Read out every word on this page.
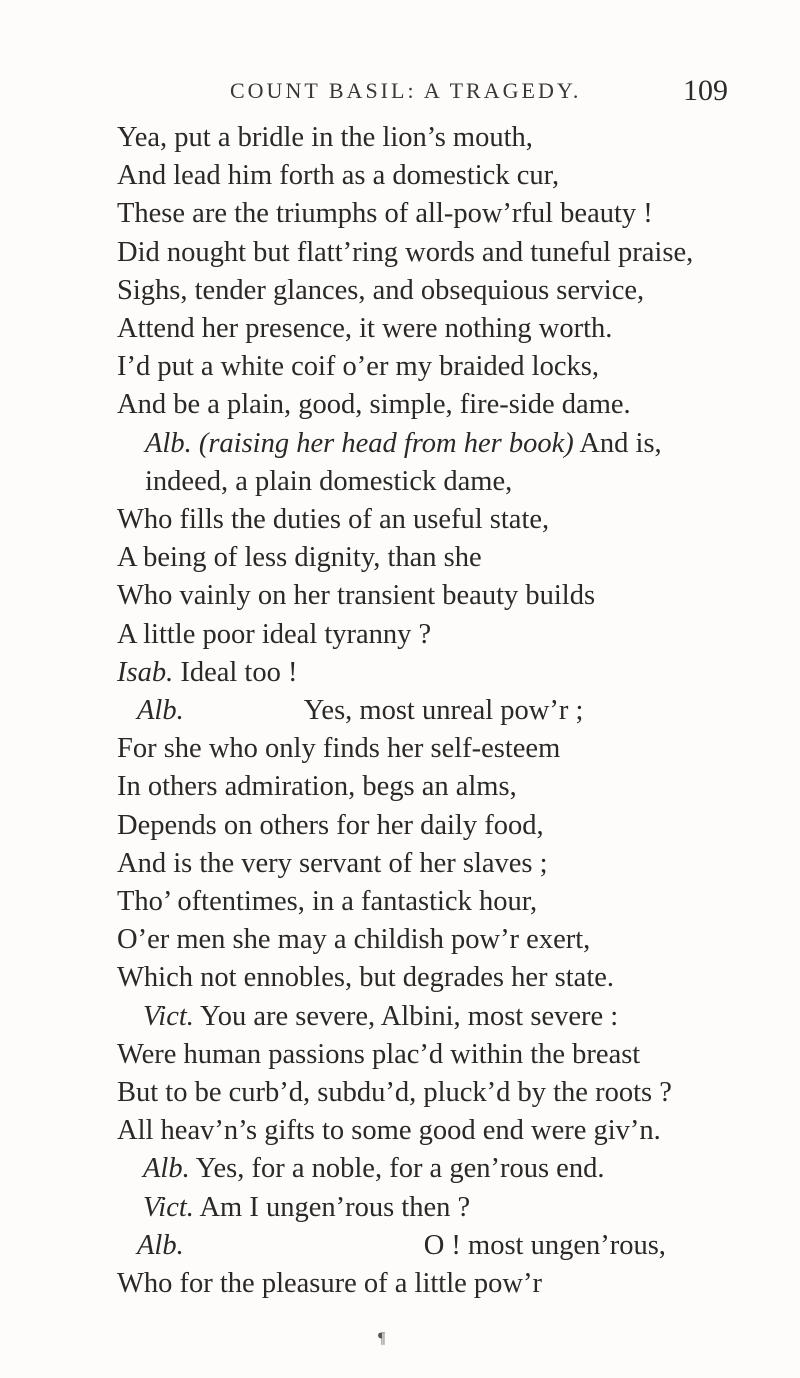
COUNT BASIL: A TRAGEDY.	109
Yea, put a bridle in the lion’s mouth,
And lead him forth as a domestick cur,
These are the triumphs of all-pow’rful beauty !
Did nought but flatt’ring words and tuneful praise,
Sighs, tender glances, and obsequious service,
Attend her presence, it were nothing worth.
I’d put a white coif o’er my braided locks,
And be a plain, good, simple, fire-side dame.
Alb. (raising her head from her book) And is,
indeed, a plain domestick dame,
Who fills the duties of an useful state,
A being of less dignity, than she
Who vainly on her transient beauty builds
A little poor ideal tyranny ?
Isab. Ideal too !
Alb.	Yes, most unreal pow’r ;
For she who only finds her self-esteem
In others admiration, begs an alms,
Depends on others for her daily food,
And is the very servant of her slaves ;
Tho’ oftentimes, in a fantastick hour,
O’er men she may a childish pow’r exert,
Which not ennobles, but degrades her state.
Vict. You are severe, Albini, most severe :
Were human passions plac’d within the breast
But to be curb’d, subdu’d, pluck’d by the roots ?
All heav’n’s gifts to some good end were giv’n.
Alb. Yes, for a noble, for a gen’rous end.
Vict. Am I ungen’rous then ?
Alb.	O ! most ungen’rous,
Who for the pleasure of a little pow’r
¶
